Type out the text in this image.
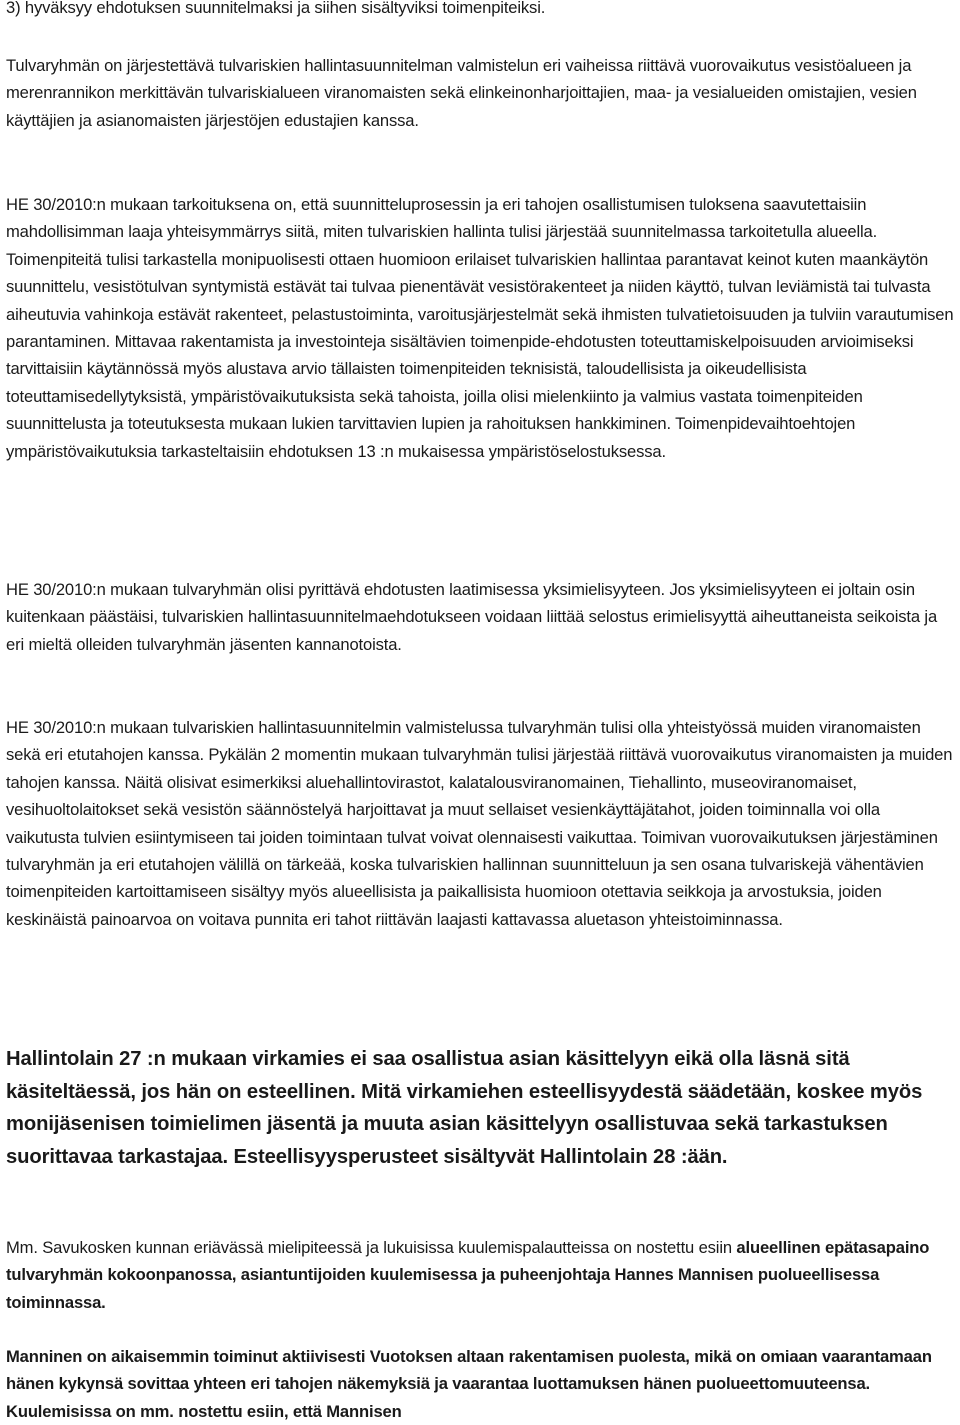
3) hyväksyy ehdotuksen suunnitelmaksi ja siihen sisältyviksi toimenpiteiksi.

Tulvaryhmän on järjestettävä tulvariskien hallintasuunnitelman valmistelun eri vaiheissa riittävä vuorovaikutus vesistöalueen ja merenrannikon merkittävän tulvariskialueen viranomaisten sekä elinkeinonharjoittajien, maa- ja vesialueiden omistajien, vesien käyttäjien ja asianomaisten järjestöjen edustajien kanssa.

HE 30/2010:n mukaan tarkoituksena on, että suunnitteluprosessin ja eri tahojen osallistumisen tuloksena saavutettaisiin mahdollisimman laaja yhteisymmärrys siitä, miten tulvariskien hallinta tulisi järjestää suunnitelmassa tarkoitetulla alueella. Toimenpiteitä tulisi tarkastella monipuolisesti ottaen huomioon erilaiset tulvariskien hallintaa parantavat keinot kuten maankäytön suunnittelu, vesistötulvan syntymistä estävät tai tulvaa pienentävät vesistörakenteet ja niiden käyttö, tulvan leviämistä tai tulvasta aiheutuvia vahinkoja estävät rakenteet, pelastustoiminta, varoitusjärjestelmät sekä ihmisten tulvatietoisuuden ja tulviin varautumisen parantaminen. Mittavaa rakentamista ja investointeja sisältävien toimenpide-ehdotusten toteuttamiskelpoisuuden arvioimiseksi tarvittaisiin käytännössä myös alustava arvio tällaisten toimenpiteiden teknisistä, taloudellisista ja oikeudellisista toteuttamisedellytyksistä, ympäristövaikutuksista sekä tahoista, joilla olisi mielenkiinto ja valmius vastata toimenpiteiden suunnittelusta ja toteutuksesta mukaan lukien tarvittavien lupien ja rahoituksen hankkiminen. Toimenpidevaihtoehtojen ympäristövaikutuksia tarkasteltaisiin ehdotuksen 13 :n mukaisessa ympäristöselostuksessa.

HE 30/2010:n mukaan tulvaryhmän olisi pyrittävä ehdotusten laatimisessa yksimielisyyteen. Jos yksimielisyyteen ei joltain osin kuitenkaan päästäisi, tulvariskien hallintasuunnitelmaehdotukseen voidaan liittää selostus erimielisyyttä aiheuttaneista seikoista ja eri mieltä olleiden tulvaryhmän jäsenten kannanotoista.

HE 30/2010:n mukaan tulvariskien hallintasuunnitelmin valmistelussa tulvaryhmän tulisi olla yhteistyössä muiden viranomaisten sekä eri etutahojen kanssa. Pykälän 2 momentin mukaan tulvaryhmän tulisi järjestää riittävä vuorovaikutus viranomaisten ja muiden tahojen kanssa. Näitä olisivat esimerkiksi aluehallintovirastot, kalatalousviranomainen, Tiehallinto, museoviranomaiset, vesihuoltolaitokset sekä vesistön säännöstelyä harjoittavat ja muut sellaiset vesienkäyttäjätahot, joiden toiminnalla voi olla vaikutusta tulvien esiintymiseen tai joiden toimintaan tulvat voivat olennaisesti vaikuttaa. Toimivan vuorovaikutuksen järjestäminen tulvaryhmän ja eri etutahojen välillä on tärkeää, koska tulvariskien hallinnan suunnitteluun ja sen osana tulvariskejä vähentävien toimenpiteiden kartoittamiseen sisältyy myös alueellisista ja paikallisista huomioon otettavia seikkoja ja arvostuksia, joiden keskinäistä painoarvoa on voitava punnita eri tahot riittävän laajasti kattavassa aluetason yhteistoiminnassa.

Hallintolain 27 :n mukaan virkamies ei saa osallistua asian käsittelyyn eikä olla läsnä sitä käsiteltäessä, jos hän on esteellinen. Mitä virkamiehen esteellisyydestä säädetään, koskee myös monijäsenisen toimielimen jäsentä ja muuta asian käsittelyyn osallistuvaa sekä tarkastuksen suorittavaa tarkastajaa. Esteellisyysperusteet sisältyvät Hallintolain 28 :ään.

Mm. Savukosken kunnan eriävässä mielipiteessä ja lukuisissa kuulemispalautteissa on nostettu esiin alueellinen epätasapaino tulvaryhmän kokoonpanossa, asiantuntijoiden kuulemisessa ja puheenjohtaja Hannes Mannisen puolueellisessa toiminnassa.

Manninen on aikaisemmin toiminut aktiivisesti Vuotoksen altaan rakentamisen puolesta, mikä on omiaan vaarantamaan hänen kykynsä sovittaa yhteen eri tahojen näkemyksiä ja vaarantaa luottamuksen hänen puolueettomuuteensa. Kuulemisissa on mm. nostettu esiin, että Mannisen
